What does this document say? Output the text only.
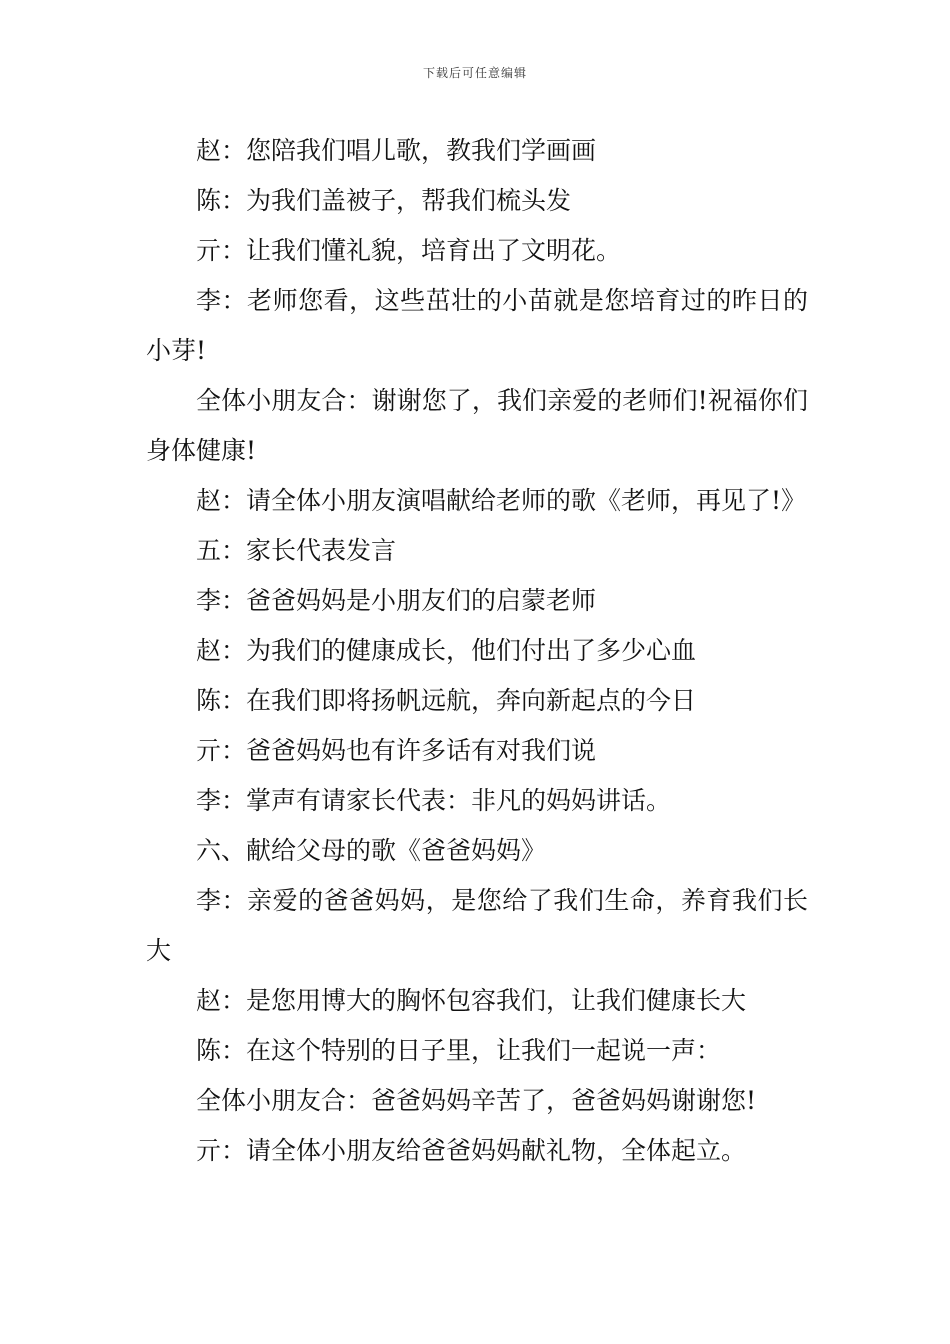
下载后可任意编辑

赵：您陪我们唱儿歌，教我们学画画

陈：为我们盖被子，帮我们梳头发

亓：让我们懂礼貌，培育出了文明花。

李：老师您看，这些茁壮的小苗就是您培育过的昨日的小芽!

全体小朋友合：谢谢您了，我们亲爱的老师们!祝福你们身体健康!

赵：请全体小朋友演唱献给老师的歌《老师，再见了!》

五：家长代表发言

李：爸爸妈妈是小朋友们的启蒙老师

赵：为我们的健康成长，他们付出了多少心血

陈：在我们即将扬帆远航，奔向新起点的今日

亓：爸爸妈妈也有许多话有对我们说

李：掌声有请家长代表：非凡的妈妈讲话。

六、献给父母的歌《爸爸妈妈》

李：亲爱的爸爸妈妈，是您给了我们生命，养育我们长大

赵：是您用博大的胸怀包容我们，让我们健康长大

陈：在这个特别的日子里，让我们一起说一声：

全体小朋友合：爸爸妈妈辛苦了，爸爸妈妈谢谢您!

亓：请全体小朋友给爸爸妈妈献礼物，全体起立。
